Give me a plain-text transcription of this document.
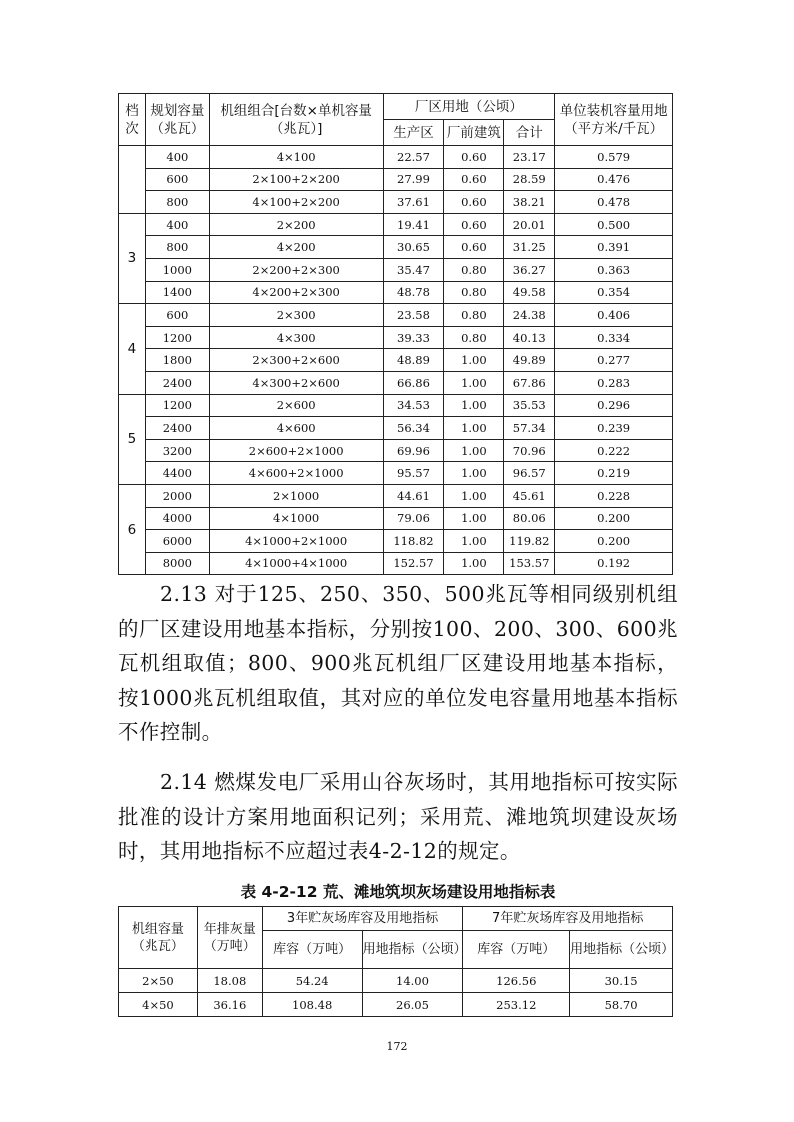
档次	规划容量（兆瓦）	机组组合[台数×单机容量（兆瓦）]	厂区用地（公顷）			单位装机容量用地（平方米/千瓦）
			生产区	厂前建筑	合计	
	400	4×100	22.57	0.60	23.17	0.579
	600	2×100+2×200	27.99	0.60	28.59	0.476
	800	4×100+2×200	37.61	0.60	38.21	0.478
3	400	2×200	19.41	0.60	20.01	0.500
	800	4×200	30.65	0.60	31.25	0.391
	1000	2×200+2×300	35.47	0.80	36.27	0.363
	1400	4×200+2×300	48.78	0.80	49.58	0.354
4	600	2×300	23.58	0.80	24.38	0.406
	1200	4×300	39.33	0.80	40.13	0.334
	1800	2×300+2×600	48.89	1.00	49.89	0.277
	2400	4×300+2×600	66.86	1.00	67.86	0.283
5	1200	2×600	34.53	1.00	35.53	0.296
	2400	4×600	56.34	1.00	57.34	0.239
	3200	2×600+2×1000	69.96	1.00	70.96	0.222
	4400	4×600+2×1000	95.57	1.00	96.57	0.219
6	2000	2×1000	44.61	1.00	45.61	0.228
	4000	4×1000	79.06	1.00	80.06	0.200
	6000	4×1000+2×1000	118.82	1.00	119.82	0.200
	8000	4×1000+4×1000	152.57	1.00	153.57	0.192

2.13 对于125、250、350、500兆瓦等相同级别机组的厂区建设用地基本指标，分别按100、200、300、600兆瓦机组取值；800、900兆瓦机组厂区建设用地基本指标，按1000兆瓦机组取值，其对应的单位发电容量用地基本指标不作控制。

2.14 燃煤发电厂采用山谷灰场时，其用地指标可按实际批准的设计方案用地面积记列；采用荒、滩地筑坝建设灰场时，其用地指标不应超过表4-2-12的规定。

表 4-2-12 荒、滩地筑坝灰场建设用地指标表

机组容量（兆瓦）	年排灰量（万吨）	3年贮灰场库容及用地指标		7年贮灰场库容及用地指标	
		库容（万吨）	用地指标（公顷）	库容（万吨）	用地指标（公顷）
2×50	18.08	54.24	14.00	126.56	30.15
4×50	36.16	108.48	26.05	253.12	58.70

172
